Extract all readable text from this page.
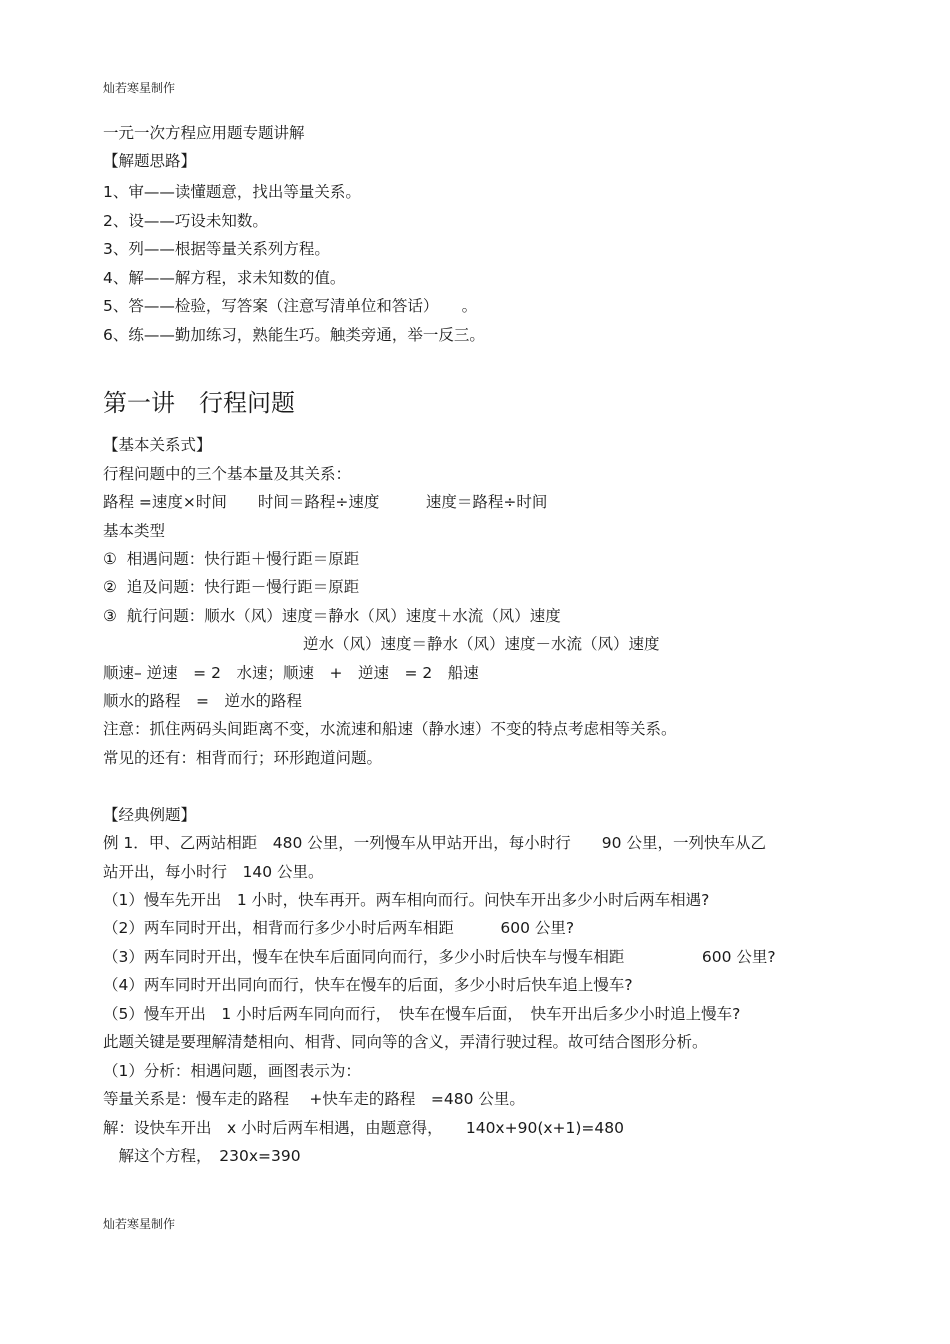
灿若寒星制作
一元一次方程应用题专题讲解
【解题思路】
1、审——读懂题意，找出等量关系。
2、设——巧设未知数。
3、列——根据等量关系列方程。
4、解——解方程，求未知数的值。
5、答——检验，写答案（注意写清单位和答话）　　。
6、练——勤加练习，熟能生巧。触类旁通，举一反三。
第一讲　行程问题
【基本关系式】
行程问题中的三个基本量及其关系：
路程 =速度×时间　　时间＝路程÷速度　　　速度＝路程÷时间
基本类型
①  相遇问题：快行距＋慢行距＝原距
②  追及问题：快行距－慢行距＝原距
③  航行问题：顺水（风）速度＝静水（风）速度＋水流（风）速度
逆水（风）速度＝静水（风）速度－水流（风）速度
顺速– 逆速　= 2　水速；顺速　+　逆速　= 2　船速
顺水的路程　=　逆水的路程
注意：抓住两码头间距离不变，水流速和船速（静水速）不变的特点考虑相等关系。
常见的还有：相背而行；环形跑道问题。
【经典例题】
例 1．甲、乙两站相距　480 公里，一列慢车从甲站开出，每小时行　　90 公里，一列快车从乙
站开出，每小时行　140 公里。
（1）慢车先开出　1 小时，快车再开。两车相向而行。问快车开出多少小时后两车相遇?
（2）两车同时开出，相背而行多少小时后两车相距　　　600 公里?
（3）两车同时开出，慢车在快车后面同向而行，多少小时后快车与慢车相距　　　　　600 公里?
（4）两车同时开出同向而行，快车在慢车的后面，多少小时后快车追上慢车?
（5）慢车开出　1 小时后两车同向而行，　快车在慢车后面，　快车开出后多少小时追上慢车?
此题关键是要理解清楚相向、相背、同向等的含义，弄清行驶过程。故可结合图形分析。
（1）分析：相遇问题，画图表示为：
等量关系是：慢车走的路程　 +快车走的路程　=480 公里。
解：设快车开出　x 小时后两车相遇，由题意得，　　140x+90(x+1)=480
　解这个方程，　230x=390
灿若寒星制作
